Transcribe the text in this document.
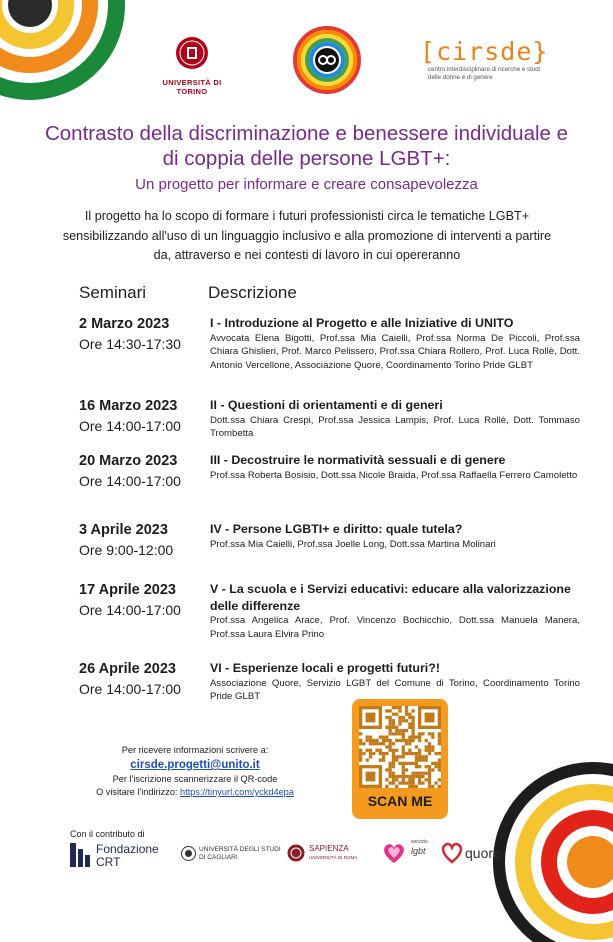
UNIVERSITÀ DI TORINO
[cirsde}
centro interdisciplinare di ricerche e studi delle donne e di genere
Contrasto della discriminazione e benessere individuale e di coppia delle persone LGBT+:
Un progetto per informare e creare consapevolezza
Il progetto ha lo scopo di formare i futuri professionisti circa le tematiche LGBT+ sensibilizzando all'uso di un linguaggio inclusivo e alla promozione di interventi a partire da, attraverso e nei contesti di lavoro in cui opereranno
Seminari	Descrizione
2 Marzo 2023
Ore 14:30-17:30
I - Introduzione al Progetto e alle Iniziative di UNITO
Avvocata Elena Bigotti, Prof.ssa Mia Caielli, Prof.ssa Norma De Piccoli, Prof.ssa Chiara Ghislieri, Prof. Marco Pelissero, Prof.ssa Chiara Rollero, Prof. Luca Rollè, Dott. Antonio Vercellone, Associazione Quore, Coordinamento Torino Pride GLBT
16 Marzo 2023
Ore 14:00-17:00
II - Questioni di orientamenti e di generi
Dott.ssa Chiara Crespi, Prof.ssa Jessica Lampis, Prof. Luca Rollè, Dott. Tommaso Trombetta
20 Marzo 2023
Ore 14:00-17:00
III - Decostruire le normatività sessuali e di genere
Prof.ssa Roberta Bosisio, Dott.ssa Nicole Braida, Prof.ssa Raffaella Ferrero Camoletto
3 Aprile 2023
Ore 9:00-12:00
IV - Persone LGBTI+ e diritto: quale tutela?
Prof.ssa Mia Caielli, Prof.ssa Joelle Long, Dott.ssa Martina Molinari
17 Aprile 2023
Ore 14:00-17:00
V - La scuola e i Servizi educativi: educare alla valorizzazione delle differenze
Prof.ssa Angelica Arace, Prof. Vincenzo Bochicchio, Dott.ssa Manuela Manera, Prof.ssa Laura Elvira Prino
26 Aprile 2023
Ore 14:00-17:00
VI - Esperienze locali e progetti futuri?!
Associazione Quore, Servizio LGBT del Comune di Torino, Coordinamento Torino Pride GLBT
Per ricevere informazioni scrivere a:
cirsde.progetti@unito.it
Per l'iscrizione scannerizzare il QR-code
O visitare l'indirizzo: https://tinyurl.com/yckd4epa
SCAN ME
Con il contributo di
Fondazione
CRT
UNIVERSITÀ DEGLI STUDI
DI CAGLIARI
SAPIENZA
UNIVERSITÀ DI ROMA
servizio
lgbt	quore
